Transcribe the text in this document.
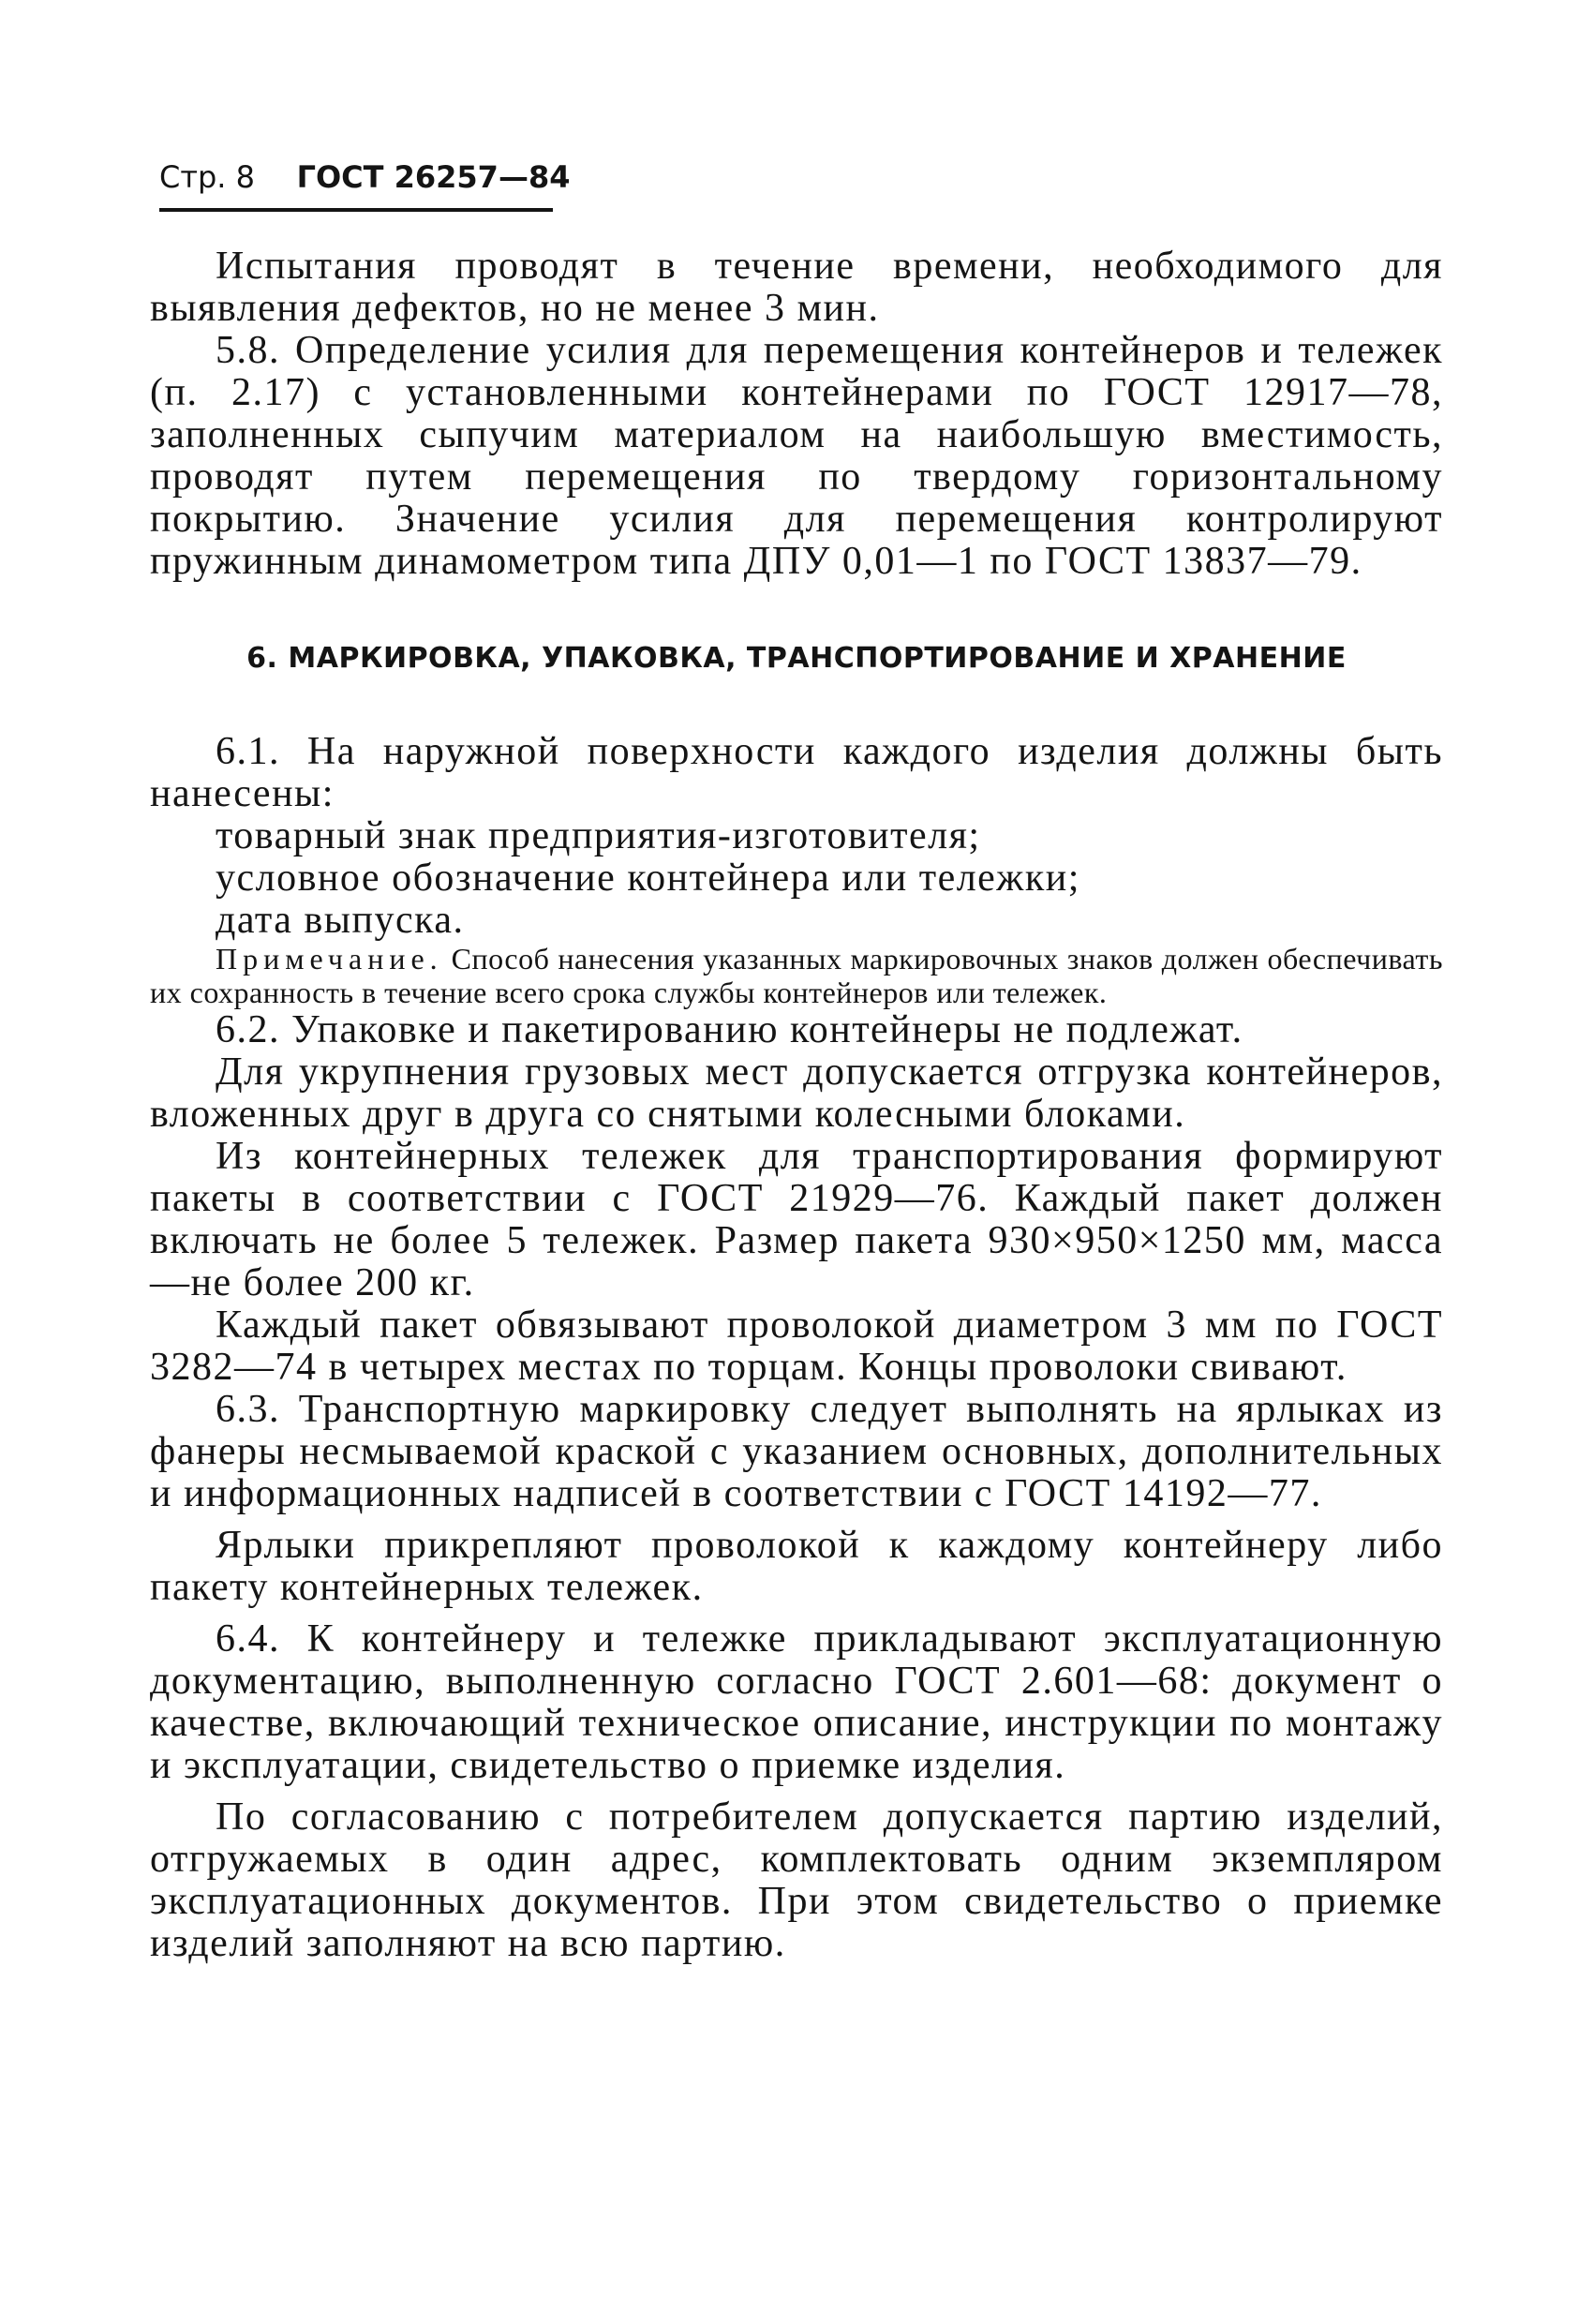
Стр. 8 ГОСТ 26257—84

Испытания проводят в течение времени, необходимого для выявления дефектов, но не менее 3 мин.

5.8. Определение усилия для перемещения контейнеров и тележек (п. 2.17) с установленными контейнерами по ГОСТ 12917—78, заполненных сыпучим материалом на наибольшую вместимость, проводят путем перемещения по твердому горизонтальному покрытию. Значение усилия для перемещения контролируют пружинным динамометром типа ДПУ 0,01—1 по ГОСТ 13837—79.

6. МАРКИРОВКА, УПАКОВКА, ТРАНСПОРТИРОВАНИЕ И ХРАНЕНИЕ

6.1. На наружной поверхности каждого изделия должны быть нанесены:

товарный знак предприятия-изготовителя;

условное обозначение контейнера или тележки;

дата выпуска.

Примечание. Способ нанесения указанных маркировочных знаков должен обеспечивать их сохранность в течение всего срока службы контейнеров или тележек.

6.2. Упаковке и пакетированию контейнеры не подлежат.

Для укрупнения грузовых мест допускается отгрузка контейнеров, вложенных друг в друга со снятыми колесными блоками.

Из контейнерных тележек для транспортирования формируют пакеты в соответствии с ГОСТ 21929—76. Каждый пакет должен включать не более 5 тележек. Размер пакета 930×950×1250 мм, масса—не более 200 кг.

Каждый пакет обвязывают проволокой диаметром 3 мм по ГОСТ 3282—74 в четырех местах по торцам. Концы проволоки свивают.

6.3. Транспортную маркировку следует выполнять на ярлыках из фанеры несмываемой краской с указанием основных, дополнительных и информационных надписей в соответствии с ГОСТ 14192—77.

Ярлыки прикрепляют проволокой к каждому контейнеру либо пакету контейнерных тележек.

6.4. К контейнеру и тележке прикладывают эксплуатационную документацию, выполненную согласно ГОСТ 2.601—68: документ о качестве, включающий техническое описание, инструкции по монтажу и эксплуатации, свидетельство о приемке изделия.

По согласованию с потребителем допускается партию изделий, отгружаемых в один адрес, комплектовать одним экземпляром эксплуатационных документов. При этом свидетельство о приемке изделий заполняют на всю партию.
